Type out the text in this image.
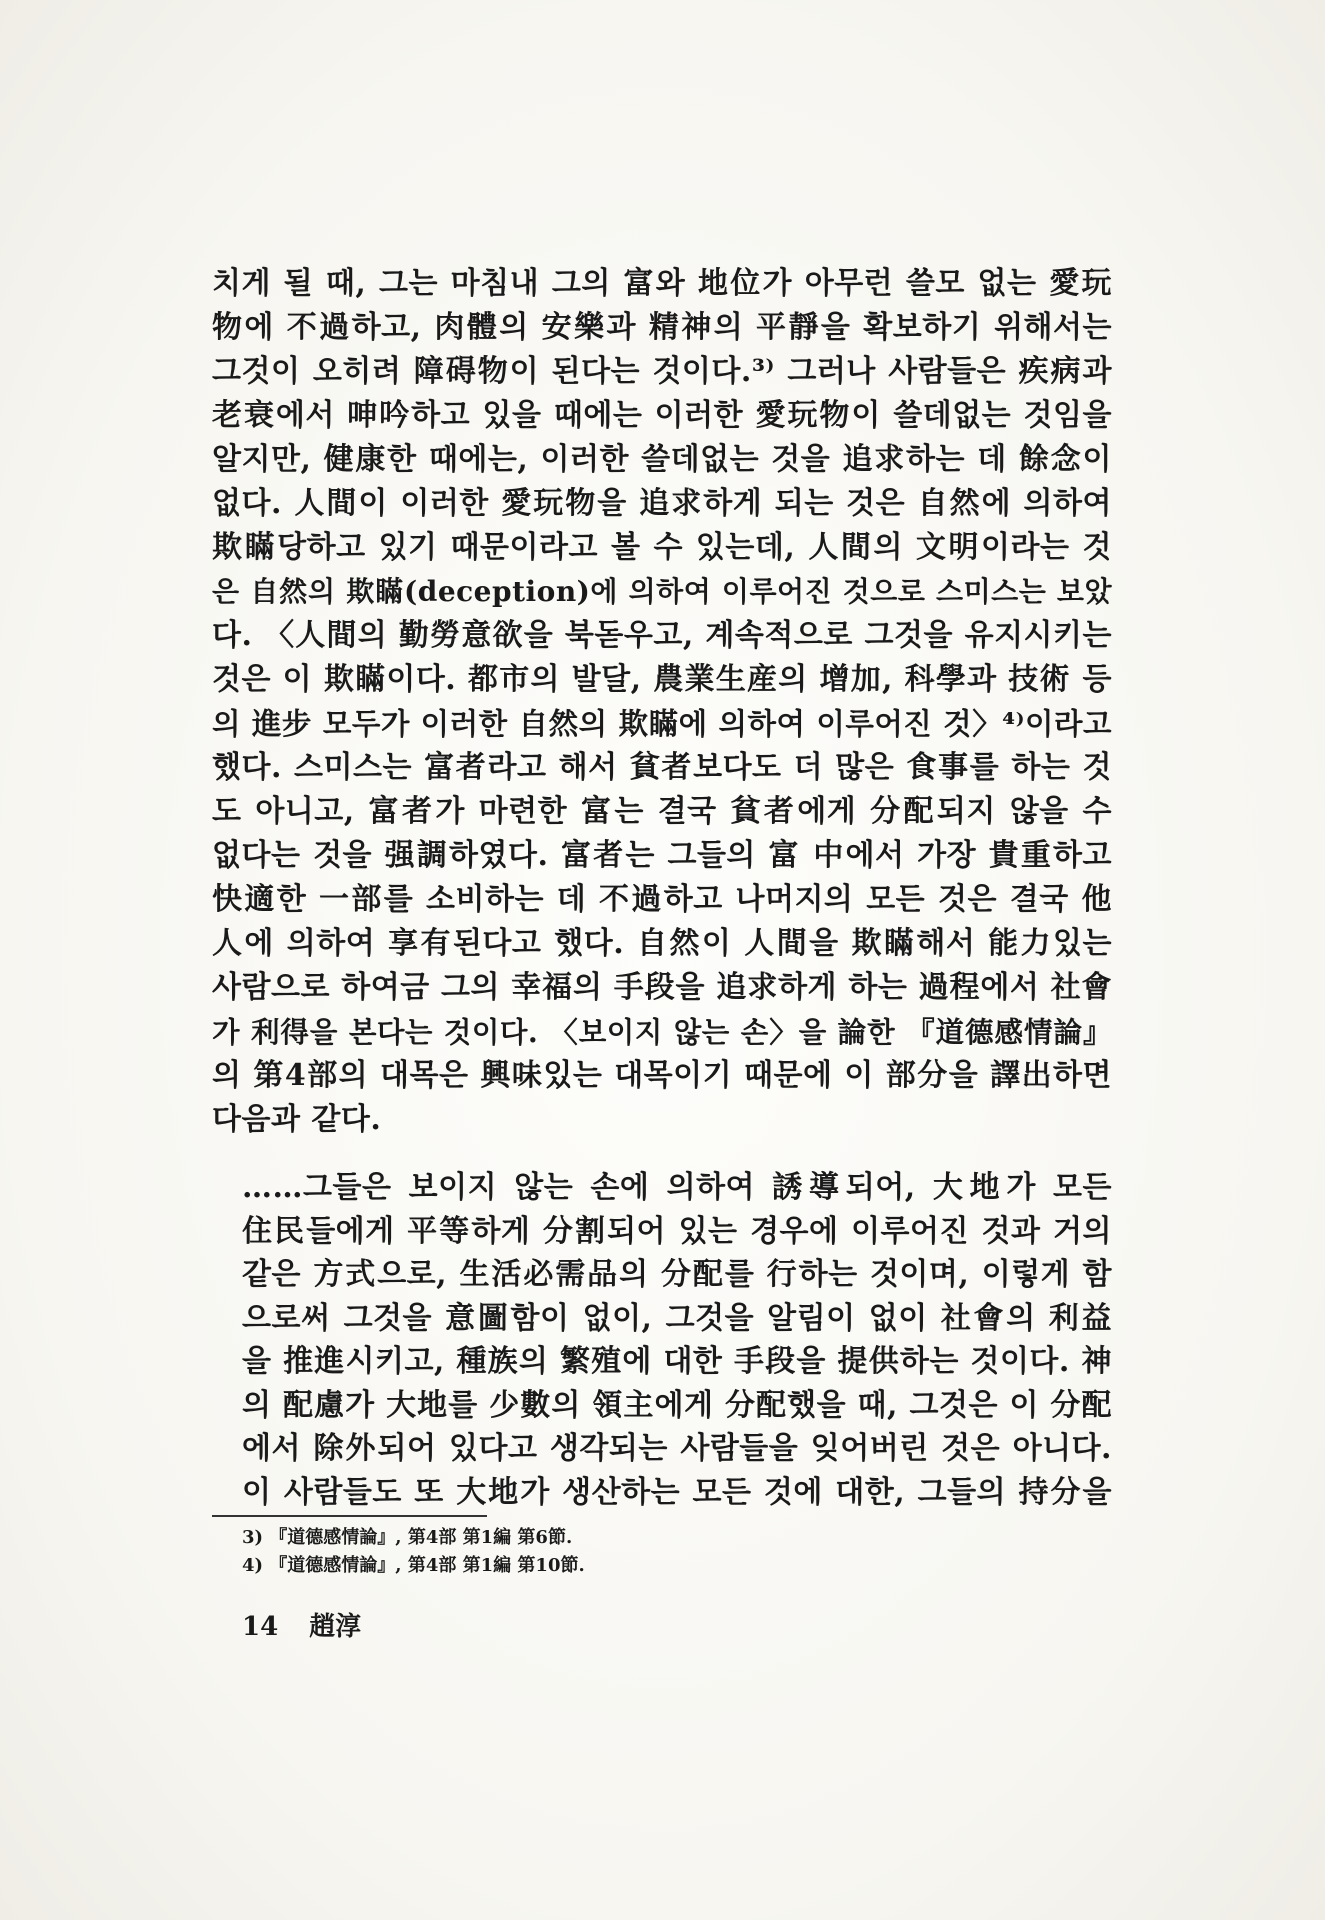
치게 될 때, 그는 마침내 그의 富와 地位가 아무런 쓸모 없는 愛玩
物에 不過하고, 肉體의 安樂과 精神의 平靜을 확보하기 위해서는
그것이 오히려 障碍物이 된다는 것이다.³⁾ 그러나 사람들은 疾病과
老衰에서 呻吟하고 있을 때에는 이러한 愛玩物이 쓸데없는 것임을
알지만, 健康한 때에는, 이러한 쓸데없는 것을 追求하는 데 餘念이
없다. 人間이 이러한 愛玩物을 追求하게 되는 것은 自然에 의하여
欺瞞당하고 있기 때문이라고 볼 수 있는데, 人間의 文明이라는 것
은 自然의 欺瞞(deception)에 의하여 이루어진 것으로 스미스는 보았
다. 〈人間의 勤勞意欲을 북돋우고, 계속적으로 그것을 유지시키는
것은 이 欺瞞이다. 都市의 발달, 農業生産의 增加, 科學과 技術 등
의 進步 모두가 이러한 自然의 欺瞞에 의하여 이루어진 것〉⁴⁾이라고
했다. 스미스는 富者라고 해서 貧者보다도 더 많은 食事를 하는 것
도 아니고, 富者가 마련한 富는 결국 貧者에게 分配되지 않을 수
없다는 것을 强調하였다. 富者는 그들의 富 中에서 가장 貴重하고
快適한 一部를 소비하는 데 不過하고 나머지의 모든 것은 결국 他
人에 의하여 享有된다고 했다. 自然이 人間을 欺瞞해서 能力있는
사람으로 하여금 그의 幸福의 手段을 追求하게 하는 過程에서 社會
가 利得을 본다는 것이다. 〈보이지 않는 손〉을 論한 『道德感情論』
의 第4部의 대목은 興味있는 대목이기 때문에 이 部分을 譯出하면
다음과 같다.
……그들은 보이지 않는 손에 의하여 誘導되어, 大地가 모든
住民들에게 平等하게 分割되어 있는 경우에 이루어진 것과 거의
같은 方式으로, 生活必需品의 分配를 行하는 것이며, 이렇게 함
으로써 그것을 意圖함이 없이, 그것을 알림이 없이 社會의 利益
을 推進시키고, 種族의 繁殖에 대한 手段을 提供하는 것이다. 神
의 配慮가 大地를 少數의 領主에게 分配했을 때, 그것은 이 分配
에서 除外되어 있다고 생각되는 사람들을 잊어버린 것은 아니다.
이 사람들도 또 大地가 생산하는 모든 것에 대한, 그들의 持分을
3) 『道德感情論』, 第4部 第1編 第6節.
4) 『道德感情論』, 第4部 第1編 第10節.
14 趙淳
